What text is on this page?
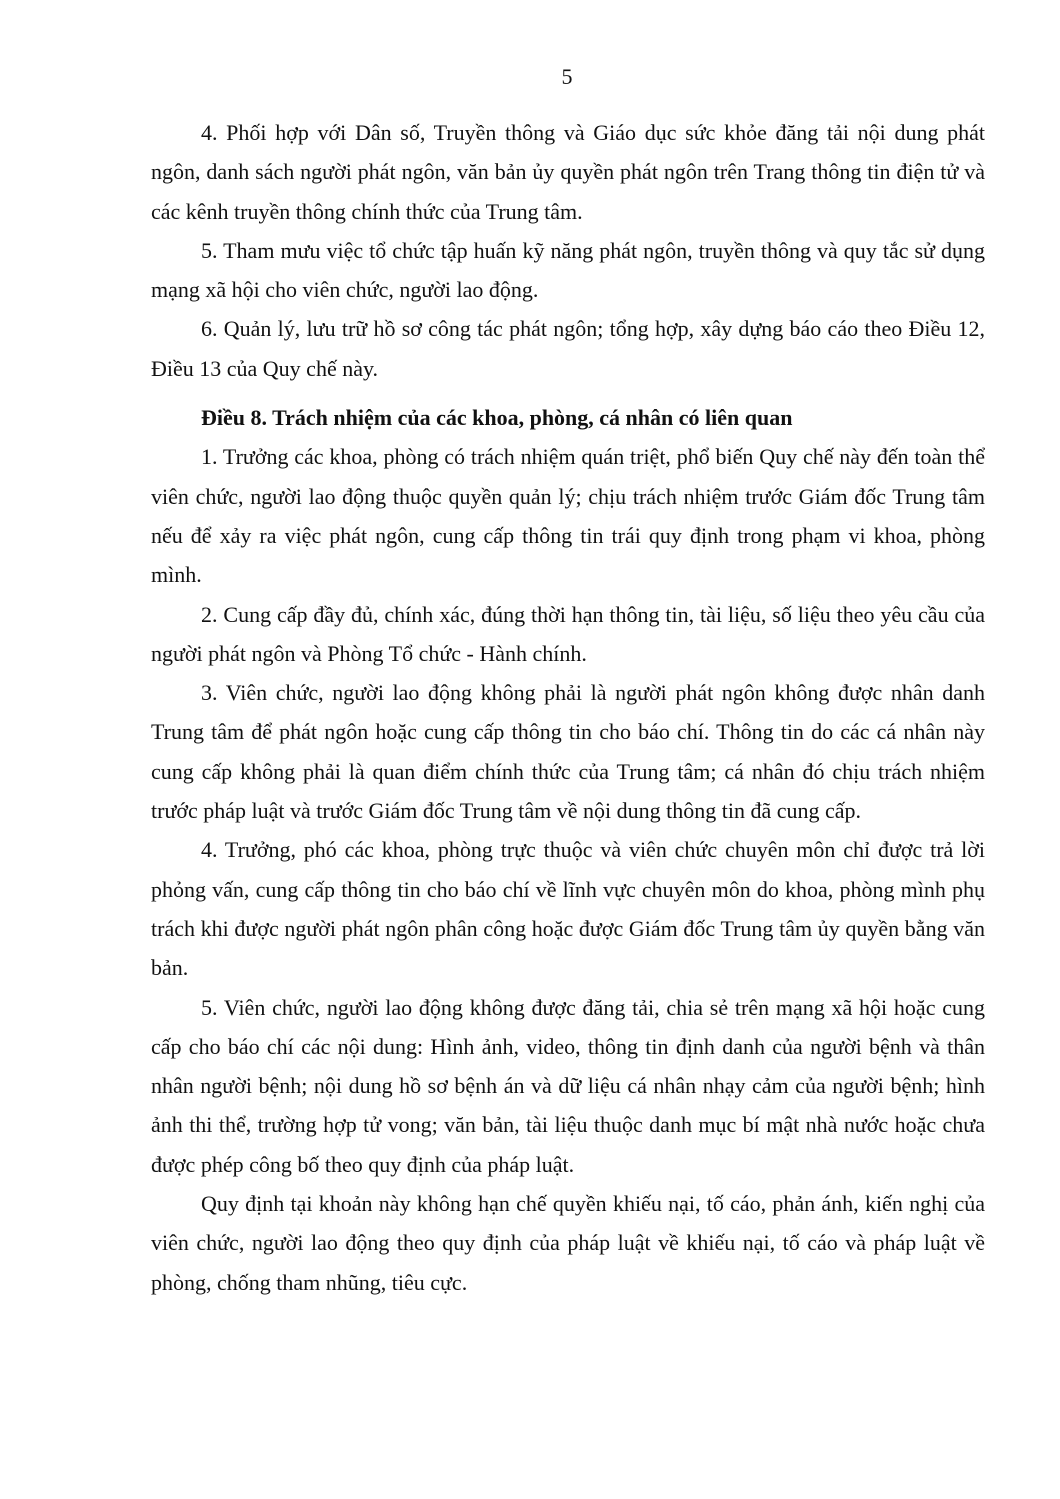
5

4. Phối hợp với Dân số, Truyền thông và Giáo dục sức khỏe đăng tải nội dung phát ngôn, danh sách người phát ngôn, văn bản ủy quyền phát ngôn trên Trang thông tin điện tử và các kênh truyền thông chính thức của Trung tâm.

5. Tham mưu việc tổ chức tập huấn kỹ năng phát ngôn, truyền thông và quy tắc sử dụng mạng xã hội cho viên chức, người lao động.

6. Quản lý, lưu trữ hồ sơ công tác phát ngôn; tổng hợp, xây dựng báo cáo theo Điều 12, Điều 13 của Quy chế này.

Điều 8. Trách nhiệm của các khoa, phòng, cá nhân có liên quan

1. Trưởng các khoa, phòng có trách nhiệm quán triệt, phổ biến Quy chế này đến toàn thể viên chức, người lao động thuộc quyền quản lý; chịu trách nhiệm trước Giám đốc Trung tâm nếu để xảy ra việc phát ngôn, cung cấp thông tin trái quy định trong phạm vi khoa, phòng mình.

2. Cung cấp đầy đủ, chính xác, đúng thời hạn thông tin, tài liệu, số liệu theo yêu cầu của người phát ngôn và Phòng Tổ chức - Hành chính.

3. Viên chức, người lao động không phải là người phát ngôn không được nhân danh Trung tâm để phát ngôn hoặc cung cấp thông tin cho báo chí. Thông tin do các cá nhân này cung cấp không phải là quan điểm chính thức của Trung tâm; cá nhân đó chịu trách nhiệm trước pháp luật và trước Giám đốc Trung tâm về nội dung thông tin đã cung cấp.

4. Trưởng, phó các khoa, phòng trực thuộc và viên chức chuyên môn chỉ được trả lời phỏng vấn, cung cấp thông tin cho báo chí về lĩnh vực chuyên môn do khoa, phòng mình phụ trách khi được người phát ngôn phân công hoặc được Giám đốc Trung tâm ủy quyền bằng văn bản.

5. Viên chức, người lao động không được đăng tải, chia sẻ trên mạng xã hội hoặc cung cấp cho báo chí các nội dung: Hình ảnh, video, thông tin định danh của người bệnh và thân nhân người bệnh; nội dung hồ sơ bệnh án và dữ liệu cá nhân nhạy cảm của người bệnh; hình ảnh thi thể, trường hợp tử vong; văn bản, tài liệu thuộc danh mục bí mật nhà nước hoặc chưa được phép công bố theo quy định của pháp luật.

Quy định tại khoản này không hạn chế quyền khiếu nại, tố cáo, phản ánh, kiến nghị của viên chức, người lao động theo quy định của pháp luật về khiếu nại, tố cáo và pháp luật về phòng, chống tham nhũng, tiêu cực.
